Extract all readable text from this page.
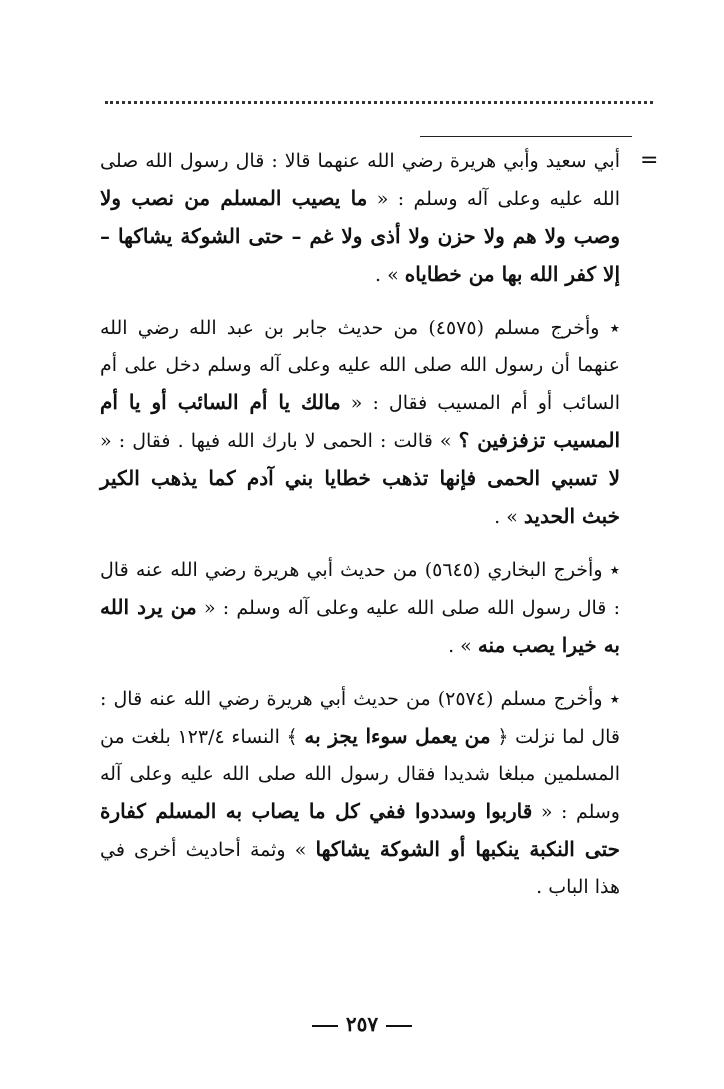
=

أبي سعيد وأبي هريرة رضي الله عنهما قالا : قال رسول الله صلى الله عليه وعلى آله وسلم : « ما يصيب المسلم من نصب ولا وصب ولا هم ولا حزن ولا أذى ولا غم – حتى الشوكة يشاكها – إلا كفر الله بها من خطاياه » .

٭ وأخرج مسلم (٤٥٧٥) من حديث جابر بن عبد الله رضي الله عنهما أن رسول الله صلى الله عليه وعلى آله وسلم دخل على أم السائب أو أم المسيب فقال : « مالك يا أم السائب أو يا أم المسيب تزفزفين ؟ » قالت : الحمى لا بارك الله فيها . فقال : « لا تسبي الحمى فإنها تذهب خطايا بني آدم كما يذهب الكير خبث الحديد » .

٭ وأخرج البخاري (٥٦٤٥) من حديث أبي هريرة رضي الله عنه قال : قال رسول الله صلى الله عليه وعلى آله وسلم : « من يرد الله به خيرا يصب منه » .

٭ وأخرج مسلم (٢٥٧٤) من حديث أبي هريرة رضي الله عنه قال : قال لما نزلت ﴿ من يعمل سوءا يجز به ﴾ النساء ١٢٣/٤ بلغت من المسلمين مبلغا شديدا فقال رسول الله صلى الله عليه وعلى آله وسلم : « قاربوا وسددوا ففي كل ما يصاب به المسلم كفارة حتى النكبة ينكبها أو الشوكة يشاكها » وثمة أحاديث أخرى في هذا الباب .

٢٥٧
